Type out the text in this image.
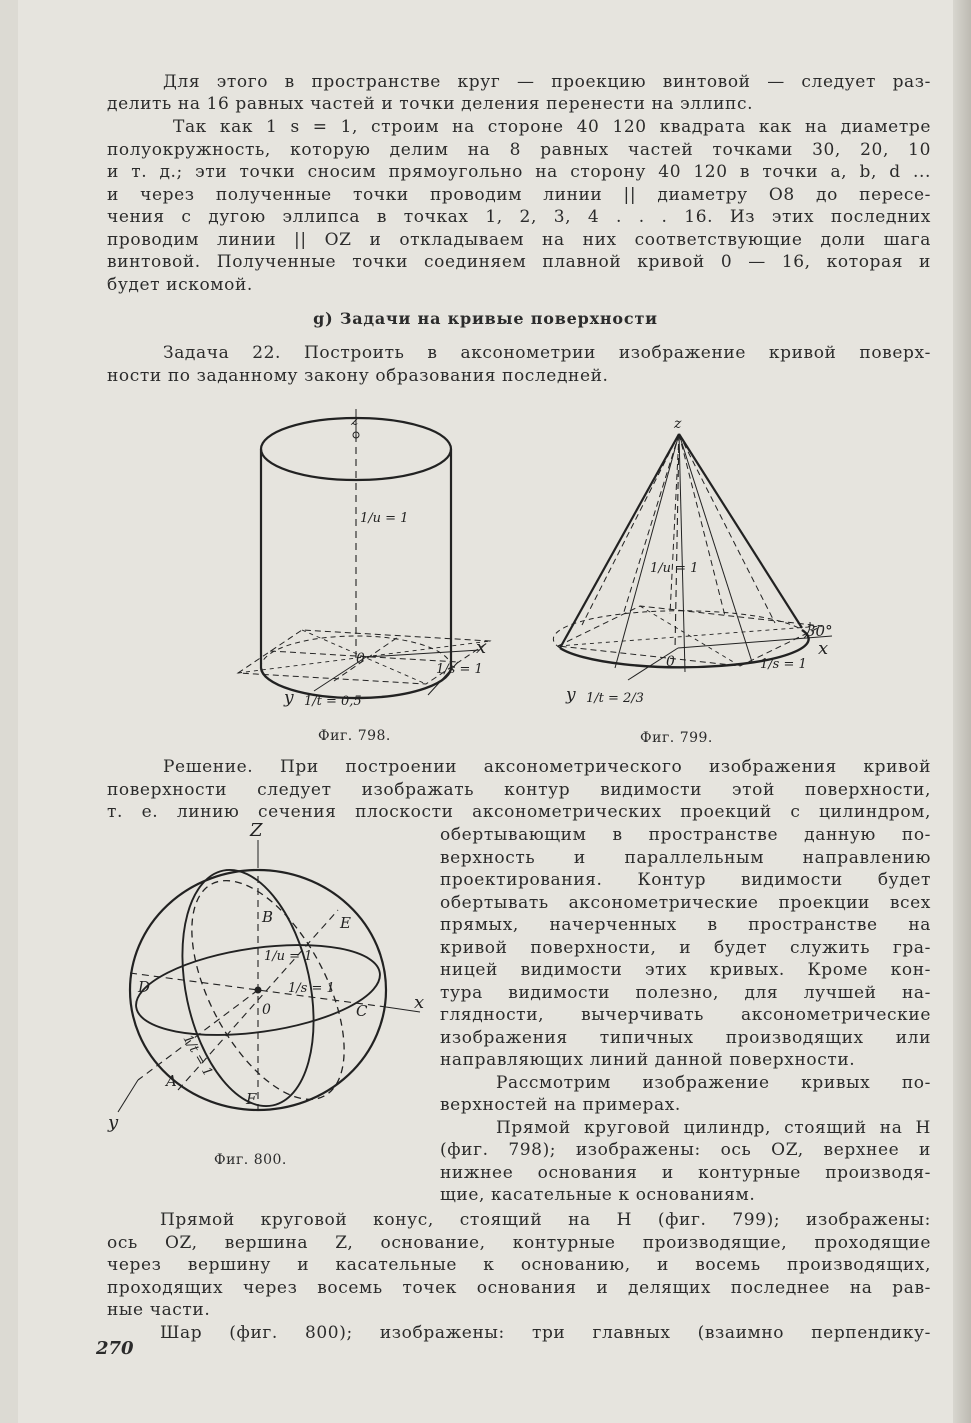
Для этого в пространстве круг — проекцию винтовой — следует раз-

делить на 16 равных частей и точки деления перенести на эллипс.

Так как 1 s = 1, строим на стороне 40 120 квадрата как на диаметре

полуокружность, которую делим на 8 равных частей точками 30, 20, 10

и т. д.; эти точки сносим прямоугольно на сторону 40 120 в точки a, b, d ...

и через полученные точки проводим линии || диаметру O8 до пересе-

чения с дугою эллипса в точках 1, 2, 3, 4 . . . 16. Из этих последних

проводим линии || OZ и откладываем на них соответствующие доли шага

винтовой. Полученные точки соединяем плавной кривой 0 — 16, которая и

будет искомой.

g) Задачи на кривые поверхности

Задача 22. Построить в аксонометрии изображение кривой поверх-

ности по заданному закону образования последней.

z
1/u = 1
0
x
1/s = 1
y 1/t = 0,5
Фиг. 798.
z
1/u = 1
0
30°
x
1/s = 1
y 1/t = 2/3
Фиг. 799.

Решение. При построении аксонометрического изображения кривой

поверхности следует изображать контур видимости этой поверхности,

т. е. линию сечения плоскости аксонометрических проекций с цилиндром,

Z
B	E
1/u = 1
D	1/s = 1
0	C	x
1/t = 1
A
F
y
Фиг. 800.

обертывающим в пространстве данную по-

верхность и параллельным направлению

проектирования. Контур видимости будет

обертывать аксонометрические проекции всех

прямых, начерченных в пространстве на

кривой поверхности, и будет служить гра-

ницей видимости этих кривых. Кроме кон-

тура видимости полезно, для лучшей на-

глядности, вычерчивать аксонометрические

изображения типичных производящих или

направляющих линий данной поверхности.

Рассмотрим изображение кривых по-

верхностей на примерах.

Прямой круговой цилиндр, стоящий на H

(фиг. 798); изображены: ось OZ, верхнее и

нижнее основания и контурные производя-

щие, касательные к основаниям.

Прямой круговой конус, стоящий на H (фиг. 799); изображены:

ось OZ, вершина Z, основание, контурные производящие, проходящие

через вершину и касательные к основанию, и восемь производящих,

проходящих через восемь точек основания и делящих последнее на рав-

ные части.

Шар (фиг. 800); изображены: три главных (взаимно перпендику-

270
